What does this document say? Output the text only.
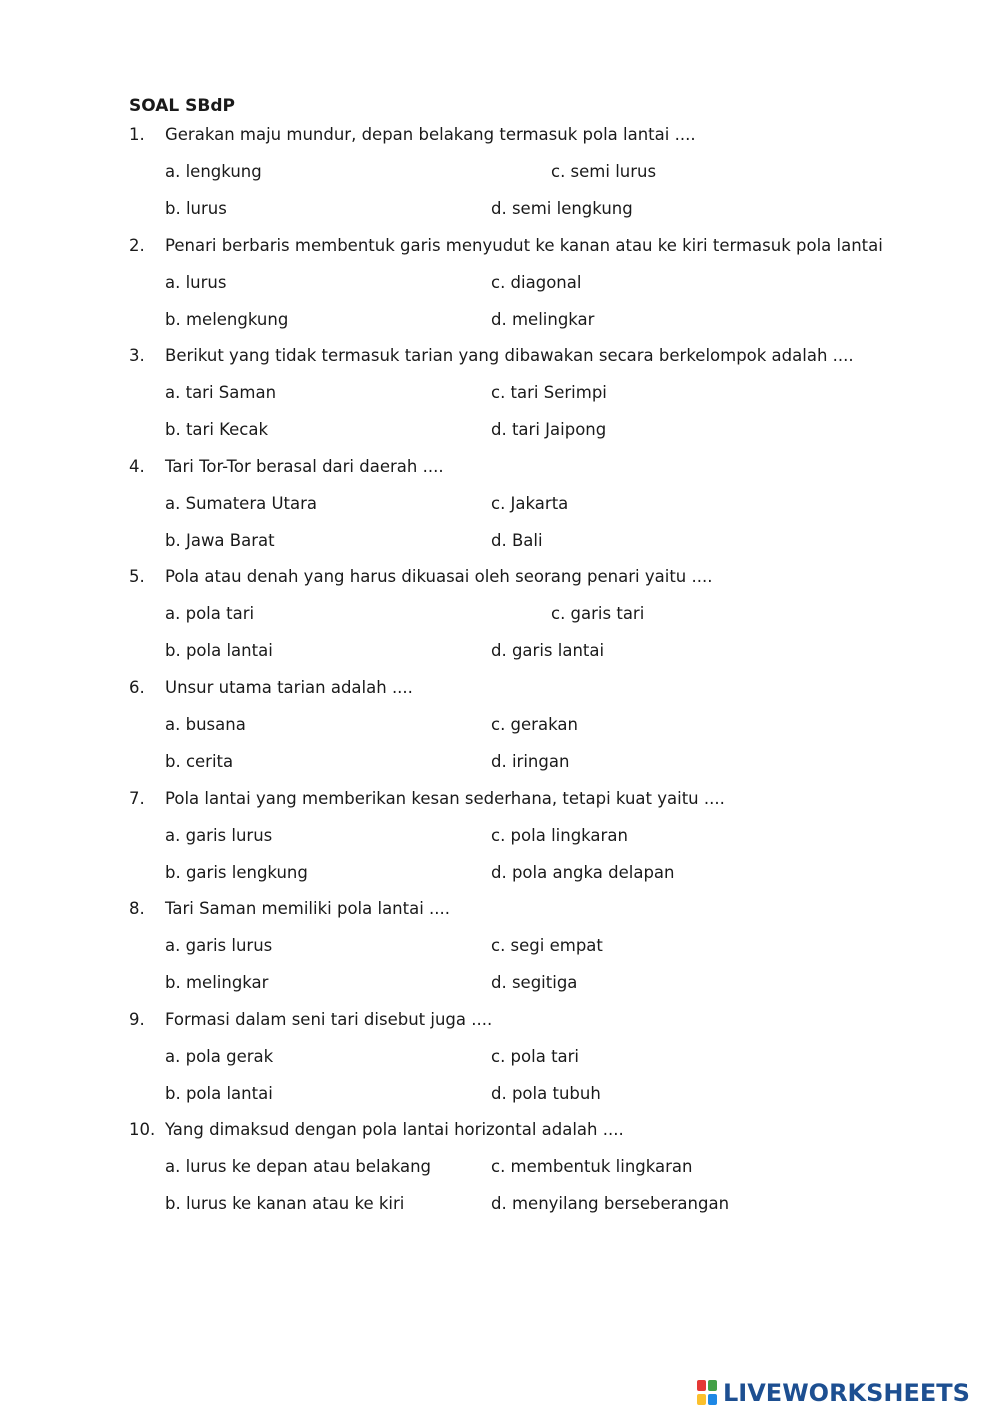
SOAL SBdP
1. Gerakan maju mundur, depan belakang termasuk pola lantai ....
a. lengkung	c. semi lurus
b. lurus	d. semi lengkung
2. Penari berbaris membentuk garis menyudut ke kanan atau ke kiri termasuk pola lantai
a. lurus	c. diagonal
b. melengkung	d. melingkar
3. Berikut yang tidak termasuk tarian yang dibawakan secara berkelompok adalah ....
a. tari Saman	c. tari Serimpi
b. tari Kecak	d. tari Jaipong
4. Tari Tor-Tor berasal dari daerah ....
a. Sumatera Utara	c. Jakarta
b. Jawa Barat	d. Bali
5. Pola atau denah yang harus dikuasai oleh seorang penari yaitu ....
a. pola tari	c. garis tari
b. pola lantai	d. garis lantai
6. Unsur utama tarian adalah ....
a. busana	c. gerakan
b. cerita	d. iringan
7. Pola lantai yang memberikan kesan sederhana, tetapi kuat yaitu ....
a. garis lurus	c. pola lingkaran
b. garis lengkung	d. pola angka delapan
8. Tari Saman memiliki pola lantai ....
a. garis lurus	c. segi empat
b. melingkar	d. segitiga
9. Formasi dalam seni tari disebut juga ....
a. pola gerak	c. pola tari
b. pola lantai	d. pola tubuh
10. Yang dimaksud dengan pola lantai horizontal adalah ....
a. lurus ke depan atau belakang	c. membentuk lingkaran
b. lurus ke kanan atau ke kiri	d. menyilang berseberangan
LIVEWORKSHEETS
